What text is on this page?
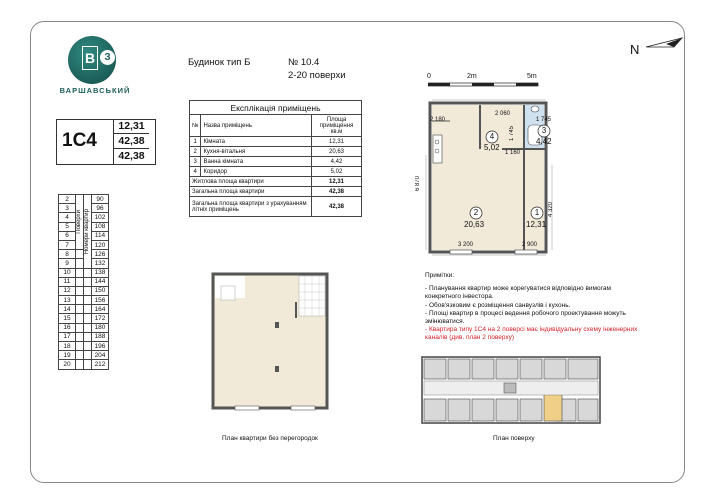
В З
ВАРШАВСЬКИЙ
Будинок тип Б	№ 10.4
2-20 поверхи
N
1С4
12,31
42,38
42,38
Експлікація приміщень		
№	Назва приміщень	Площа приміщення кв.м
1	Кімната	12,31
2	Кухня-вітальня	20,63
3	Ванна кімната	4,42
4	Коридор	5,02
Житлова площа квартири		12,31
Загальна площа квартири		42,38
Загальна площа квартири з урахуванням літніх приміщень		42,38
2	Поверхи	Номери квартир	90
3			96
4			102
5			108
6			114
7			120
8			126
9			132
10			138
11			144
12			150
13			156
14			164
15			172
16			180
17			188
18			196
19			204
20			212
0	2m	5m
2 180
2 060
1 745
6 870
4 320
1 745
1 160
3 200	2 900
4
5,02
3
4,42
2
20,63
1
12,31
Примітки:
- Планування квартир може корегуватися відповідно вимогам конкретного інвестора.
- Обов'язковим є розміщення санвузлів і кухонь.
- Площі квартир в процесі ведення робочого проектування можуть змінюватися.
- Квартира типу 1С4 на 2 поверсі має індивідуальну схему інженерних каналів (див. план 2 поверху)
План квартири без перегородок	План поверху
